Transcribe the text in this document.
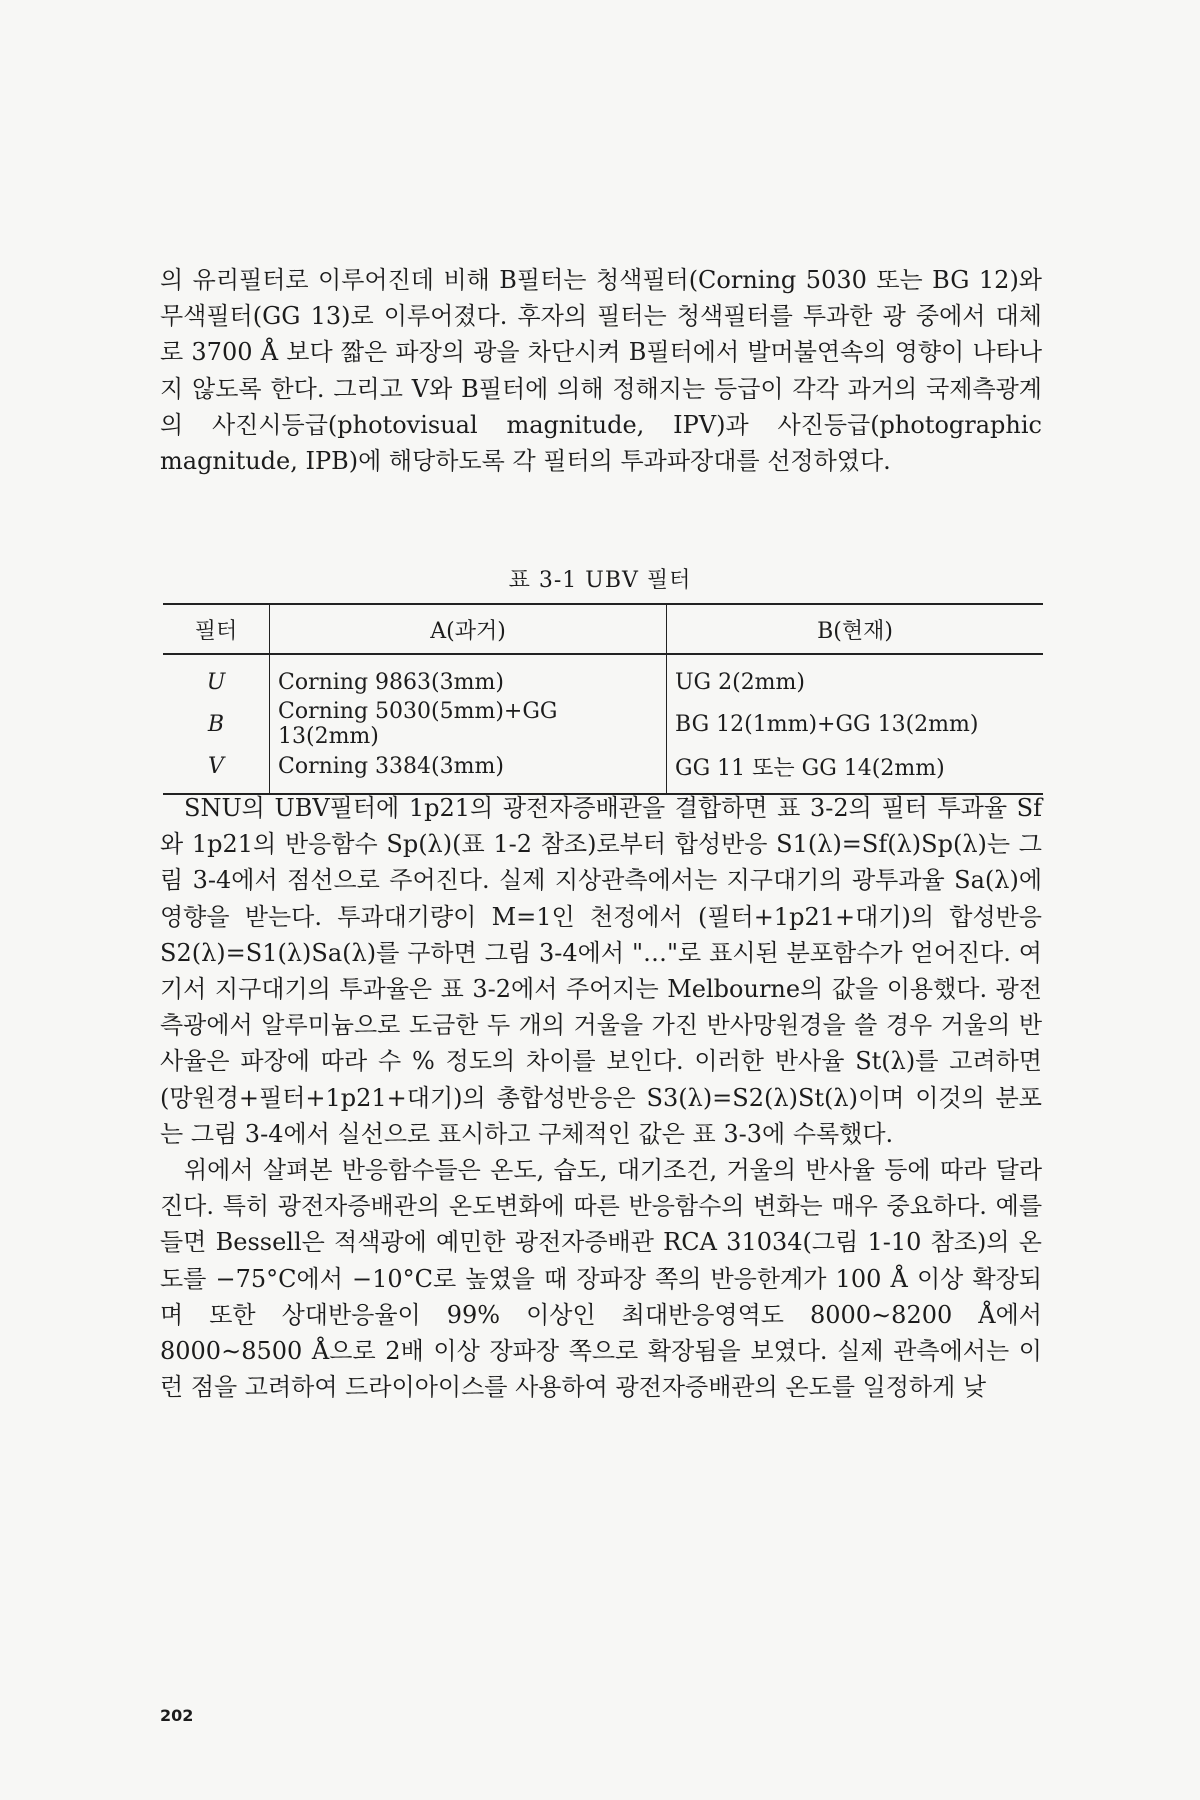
의 유리필터로 이루어진데 비해 B필터는 청색필터(Corning 5030 또는 BG 12)와 무색필터(GG 13)로 이루어졌다. 후자의 필터는 청색필터를 투과한 광 중에서 대체로 3700 Å 보다 짧은 파장의 광을 차단시켜 B필터에서 발머불연속의 영향이 나타나지 않도록 한다. 그리고 V와 B필터에 의해 정해지는 등급이 각각 과거의 국제측광계의 사진시등급(photovisual magnitude, IPV)과 사진등급(photographic magnitude, IPB)에 해당하도록 각 필터의 투과파장대를 선정하였다.

표 3-1 UBV 필터
필터	A(과거)	B(현재)
U	Corning 9863(3mm)	UG 2(2mm)
B	Corning 5030(5mm)+GG 13(2mm)	BG 12(1mm)+GG 13(2mm)
V	Corning 3384(3mm)	GG 11 또는 GG 14(2mm)

SNU의 UBV필터에 1p21의 광전자증배관을 결합하면 표 3-2의 필터 투과율 Sf와 1p21의 반응함수 Sp(λ)(표 1-2 참조)로부터 합성반응 S1(λ)=Sf(λ)Sp(λ)는 그림 3-4에서 점선으로 주어진다. 실제 지상관측에서는 지구대기의 광투과율 Sa(λ)에 영향을 받는다. 투과대기량이 M=1인 천정에서 (필터+1p21+대기)의 합성반응 S2(λ)=S1(λ)Sa(λ)를 구하면 그림 3-4에서 "…"로 표시된 분포함수가 얻어진다. 여기서 지구대기의 투과율은 표 3-2에서 주어지는 Melbourne의 값을 이용했다. 광전측광에서 알루미늄으로 도금한 두 개의 거울을 가진 반사망원경을 쓸 경우 거울의 반사율은 파장에 따라 수 % 정도의 차이를 보인다. 이러한 반사율 St(λ)를 고려하면 (망원경+필터+1p21+대기)의 총합성반응은 S3(λ)=S2(λ)St(λ)이며 이것의 분포는 그림 3-4에서 실선으로 표시하고 구체적인 값은 표 3-3에 수록했다.

위에서 살펴본 반응함수들은 온도, 습도, 대기조건, 거울의 반사율 등에 따라 달라진다. 특히 광전자증배관의 온도변화에 따른 반응함수의 변화는 매우 중요하다. 예를 들면 Bessell은 적색광에 예민한 광전자증배관 RCA 31034(그림 1-10 참조)의 온도를 −75°C에서 −10°C로 높였을 때 장파장 쪽의 반응한계가 100 Å 이상 확장되며 또한 상대반응율이 99% 이상인 최대반응영역도 8000∼8200 Å에서 8000∼8500 Å으로 2배 이상 장파장 쪽으로 확장됨을 보였다. 실제 관측에서는 이런 점을 고려하여 드라이아이스를 사용하여 광전자증배관의 온도를 일정하게 낮

202
